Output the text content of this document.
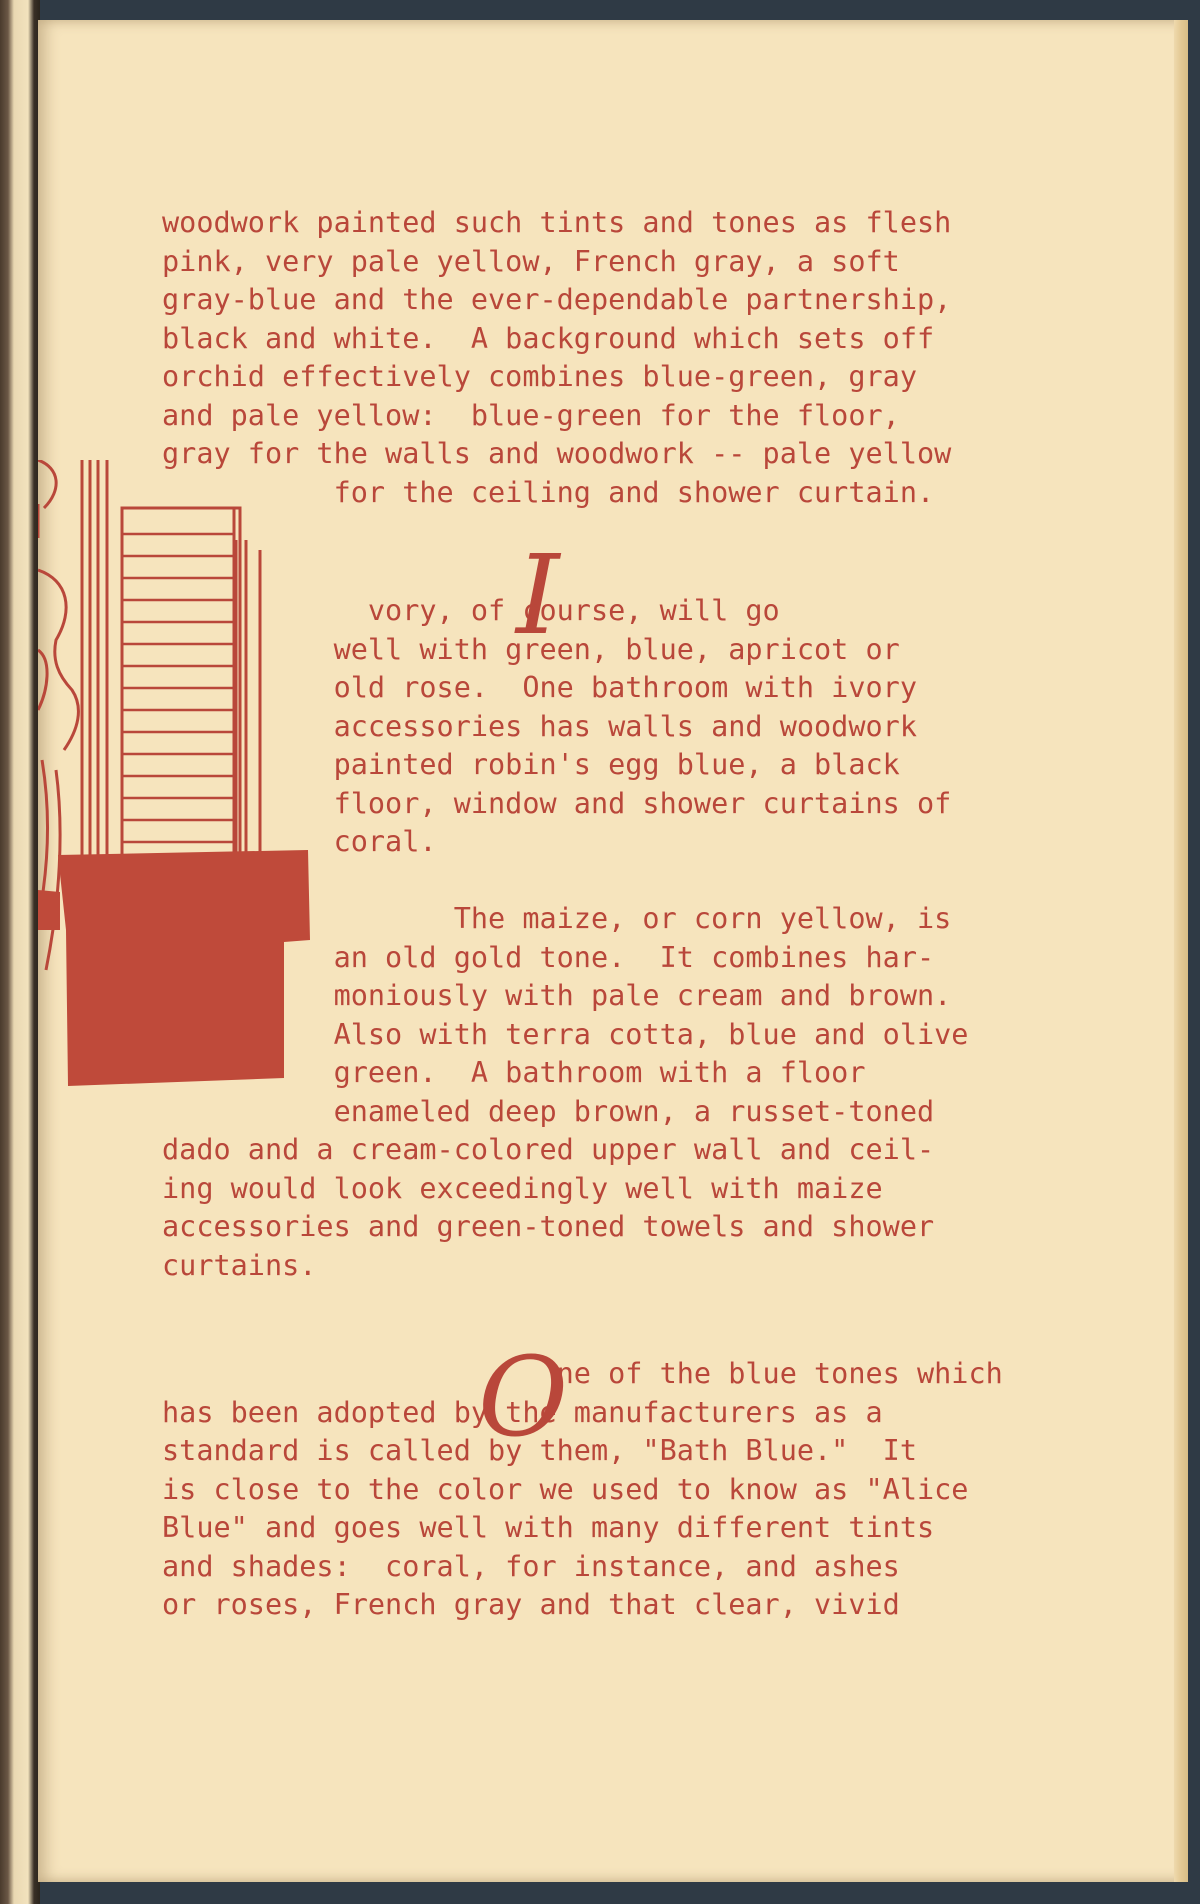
woodwork painted such tints and tones as flesh
pink, very pale yellow, French gray, a soft
gray-blue and the ever-dependable partnership,
black and white.  A background which sets off
orchid effectively combines blue-green, gray
and pale yellow:  blue-green for the floor,
gray for the walls and woodwork -- pale yellow
for the ceiling and shower curtain.

I

vory, of course, will go
well with green, blue, apricot or
old rose.  One bathroom with ivory
accessories has walls and woodwork
painted robin's egg blue, a black
floor, window and shower curtains of
coral.

The maize, or corn yellow, is
an old gold tone.  It combines har-
moniously with pale cream and brown.
Also with terra cotta, blue and olive
green.  A bathroom with a floor
enameled deep brown, a russet-toned
dado and a cream-colored upper wall and ceil-
ing would look exceedingly well with maize
accessories and green-toned towels and shower
curtains.

O

ne of the blue tones which
has been adopted by the manufacturers as a
standard is called by them, "Bath Blue."  It
is close to the color we used to know as "Alice
Blue" and goes well with many different tints
and shades:  coral, for instance, and ashes
or roses, French gray and that clear, vivid
